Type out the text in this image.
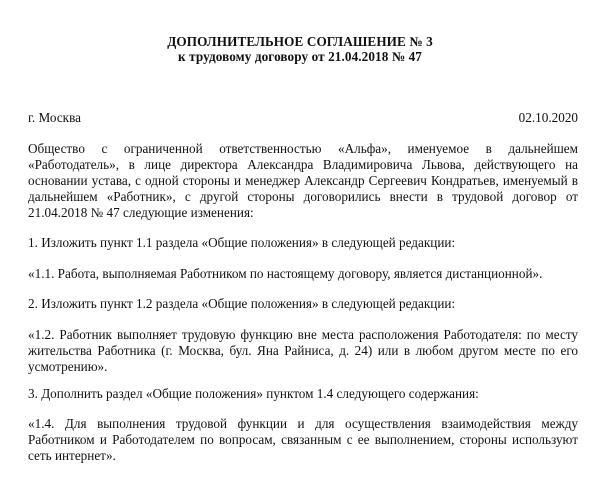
ДОПОЛНИТЕЛЬНОЕ СОГЛАШЕНИЕ № 3
к трудовому договору от 21.04.2018 № 47
г. Москва	02.10.2020

Общество с ограниченной ответственностью «Альфа», именуемое в дальнейшем «Работодатель», в лице директора Александра Владимировича Львова, действующего на основании устава, с одной стороны и менеджер Александр Сергеевич Кондратьев, именуемый в дальнейшем «Работник», с другой стороны договорились внести в трудовой договор от 21.04.2018 № 47 следующие изменения:

1. Изложить пункт 1.1 раздела «Общие положения» в следующей редакции:

«1.1. Работа, выполняемая Работником по настоящему договору, является дистанционной».

2. Изложить пункт 1.2 раздела «Общие положения» в следующей редакции:

«1.2. Работник выполняет трудовую функцию вне места расположения Работодателя: по месту жительства Работника (г. Москва, бул. Яна Райниса, д. 24) или в любом другом месте по его усмотрению».

3. Дополнить раздел «Общие положения» пунктом 1.4 следующего содержания:

«1.4. Для выполнения трудовой функции и для осуществления взаимодействия между Работником и Работодателем по вопросам, связанным с ее выполнением, стороны используют сеть интернет».
